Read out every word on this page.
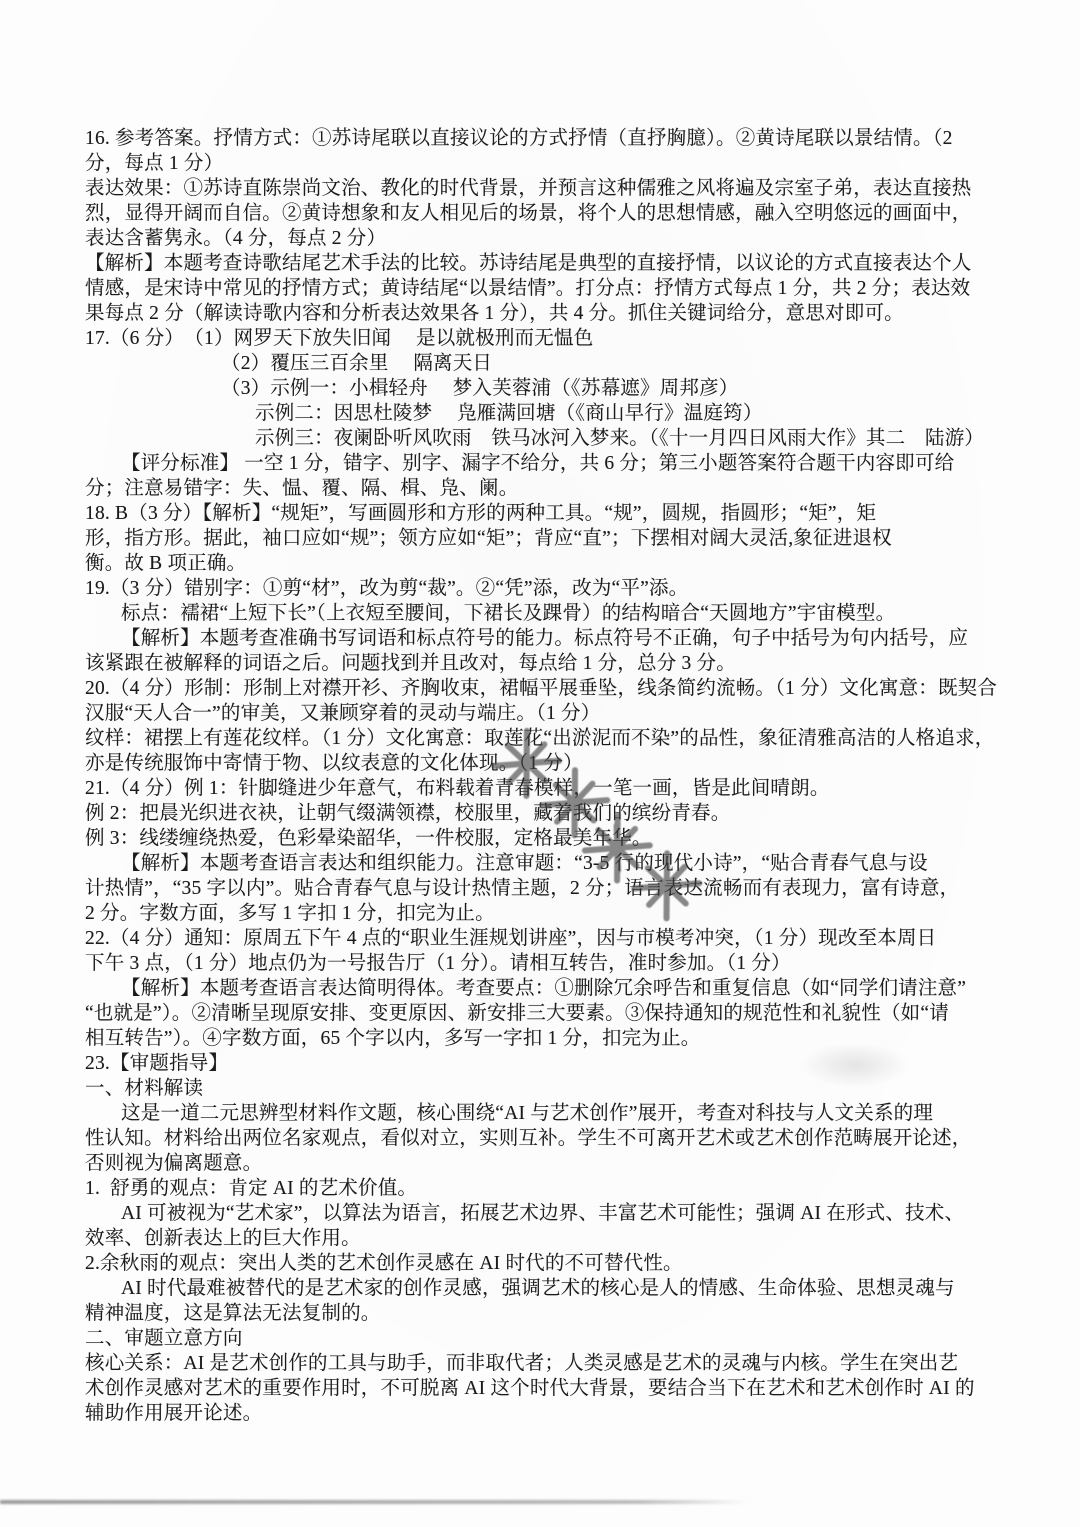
16. 参考答案。抒情方式：①苏诗尾联以直接议论的方式抒情（直抒胸臆）。②黄诗尾联以景结情。（2
分，每点 1 分）
表达效果：①苏诗直陈崇尚文治、教化的时代背景，并预言这种儒雅之风将遍及宗室子弟，表达直接热
烈，显得开阔而自信。②黄诗想象和友人相见后的场景，将个人的思想情感，融入空明悠远的画面中，
表达含蓄隽永。（4 分，每点 2 分）
【解析】本题考查诗歌结尾艺术手法的比较。苏诗结尾是典型的直接抒情，以议论的方式直接表达个人
情感，是宋诗中常见的抒情方式；黄诗结尾“以景结情”。打分点：抒情方式每点 1 分，共 2 分；表达效
果每点 2 分（解读诗歌内容和分析表达效果各 1 分），共 4 分。抓住关键词给分，意思对即可。
17.（6 分）　（1）网罗天下放失旧闻　 是以就极刑而无愠色
（2）覆压三百余里　 隔离天日
（3）示例一：小楫轻舟　 梦入芙蓉浦（《苏幕遮》周邦彦）
示例二：因思杜陵梦　 凫雁满回塘（《商山早行》温庭筠）
示例三：夜阑卧听风吹雨　铁马冰河入梦来。（《十一月四日风雨大作》其二　陆游）
【评分标准】 一空 1 分，错字、别字、漏字不给分，共 6 分；第三小题答案符合题干内容即可给
分；注意易错字：失、愠、覆、隔、楫、凫、阑。
18. B（3 分）【解析】“规矩”，写画圆形和方形的两种工具。“规”，圆规，指圆形；“矩”，矩
形，指方形。据此，袖口应如“规”；领方应如“矩”；背应“直”；下摆相对阔大灵活,象征进退权
衡。故 B 项正确。
19.（3 分）错别字：①剪“材”，改为剪“裁”。②“凭”添，改为“平”添。
标点：襦裙“上短下长”（上衣短至腰间，下裙长及踝骨）的结构暗合“天圆地方”宇宙模型。
【解析】本题考查准确书写词语和标点符号的能力。标点符号不正确，句子中括号为句内括号，应
该紧跟在被解释的词语之后。问题找到并且改对，每点给 1 分，总分 3 分。
20.（4 分）形制：形制上对襟开衫、齐胸收束，裙幅平展垂坠，线条简约流畅。（1 分）文化寓意：既契合
汉服“天人合一”的审美，又兼顾穿着的灵动与端庄。（1 分）
纹样：裙摆上有莲花纹样。（1 分）文化寓意：取莲花“出淤泥而不染”的品性，象征清雅高洁的人格追求，
亦是传统服饰中寄情于物、以纹表意的文化体现。（1 分）
21.（4 分）例 1：针脚缝进少年意气，布料载着青春模样，一笔一画，皆是此间晴朗。
例 2：把晨光织进衣袂，让朝气缀满领襟，校服里，藏着我们的缤纷青春。
例 3：线缕缠绕热爱，色彩晕染韶华，一件校服，定格最美年华。
【解析】本题考查语言表达和组织能力。注意审题：“3-5 行的现代小诗”，“贴合青春气息与设
计热情”，“35 字以内”。贴合青春气息与设计热情主题，2 分；语言表达流畅而有表现力，富有诗意，
2 分。字数方面，多写 1 字扣 1 分，扣完为止。
22.（4 分）通知：原周五下午 4 点的“职业生涯规划讲座”，因与市模考冲突，（1 分）现改至本周日
下午 3 点，（1 分）地点仍为一号报告厅（1 分）。请相互转告，准时参加。（1 分）
【解析】本题考查语言表达简明得体。考查要点：①删除冗余呼告和重复信息（如“同学们请注意”
“也就是”）。②清晰呈现原安排、变更原因、新安排三大要素。③保持通知的规范性和礼貌性（如“请
相互转告”）。④字数方面，65 个字以内，多写一字扣 1 分，扣完为止。
23.【审题指导】
一、材料解读
这是一道二元思辨型材料作文题，核心围绕“AI 与艺术创作”展开，考查对科技与人文关系的理
性认知。材料给出两位名家观点，看似对立，实则互补。学生不可离开艺术或艺术创作范畴展开论述，
否则视为偏离题意。
1.  舒勇的观点：肯定 AI 的艺术价值。
AI 可被视为“艺术家”，以算法为语言，拓展艺术边界、丰富艺术可能性；强调 AI 在形式、技术、
效率、创新表达上的巨大作用。
2.余秋雨的观点：突出人类的艺术创作灵感在 AI 时代的不可替代性。
AI 时代最难被替代的是艺术家的创作灵感，强调艺术的核心是人的情感、生命体验、思想灵魂与
精神温度，这是算法无法复制的。
二、审题立意方向
核心关系：AI 是艺术创作的工具与助手，而非取代者；人类灵感是艺术的灵魂与内核。学生在突出艺
术创作灵感对艺术的重要作用时，不可脱离 AI 这个时代大背景，要结合当下在艺术和艺术创作时 AI 的
辅助作用展开论述。
